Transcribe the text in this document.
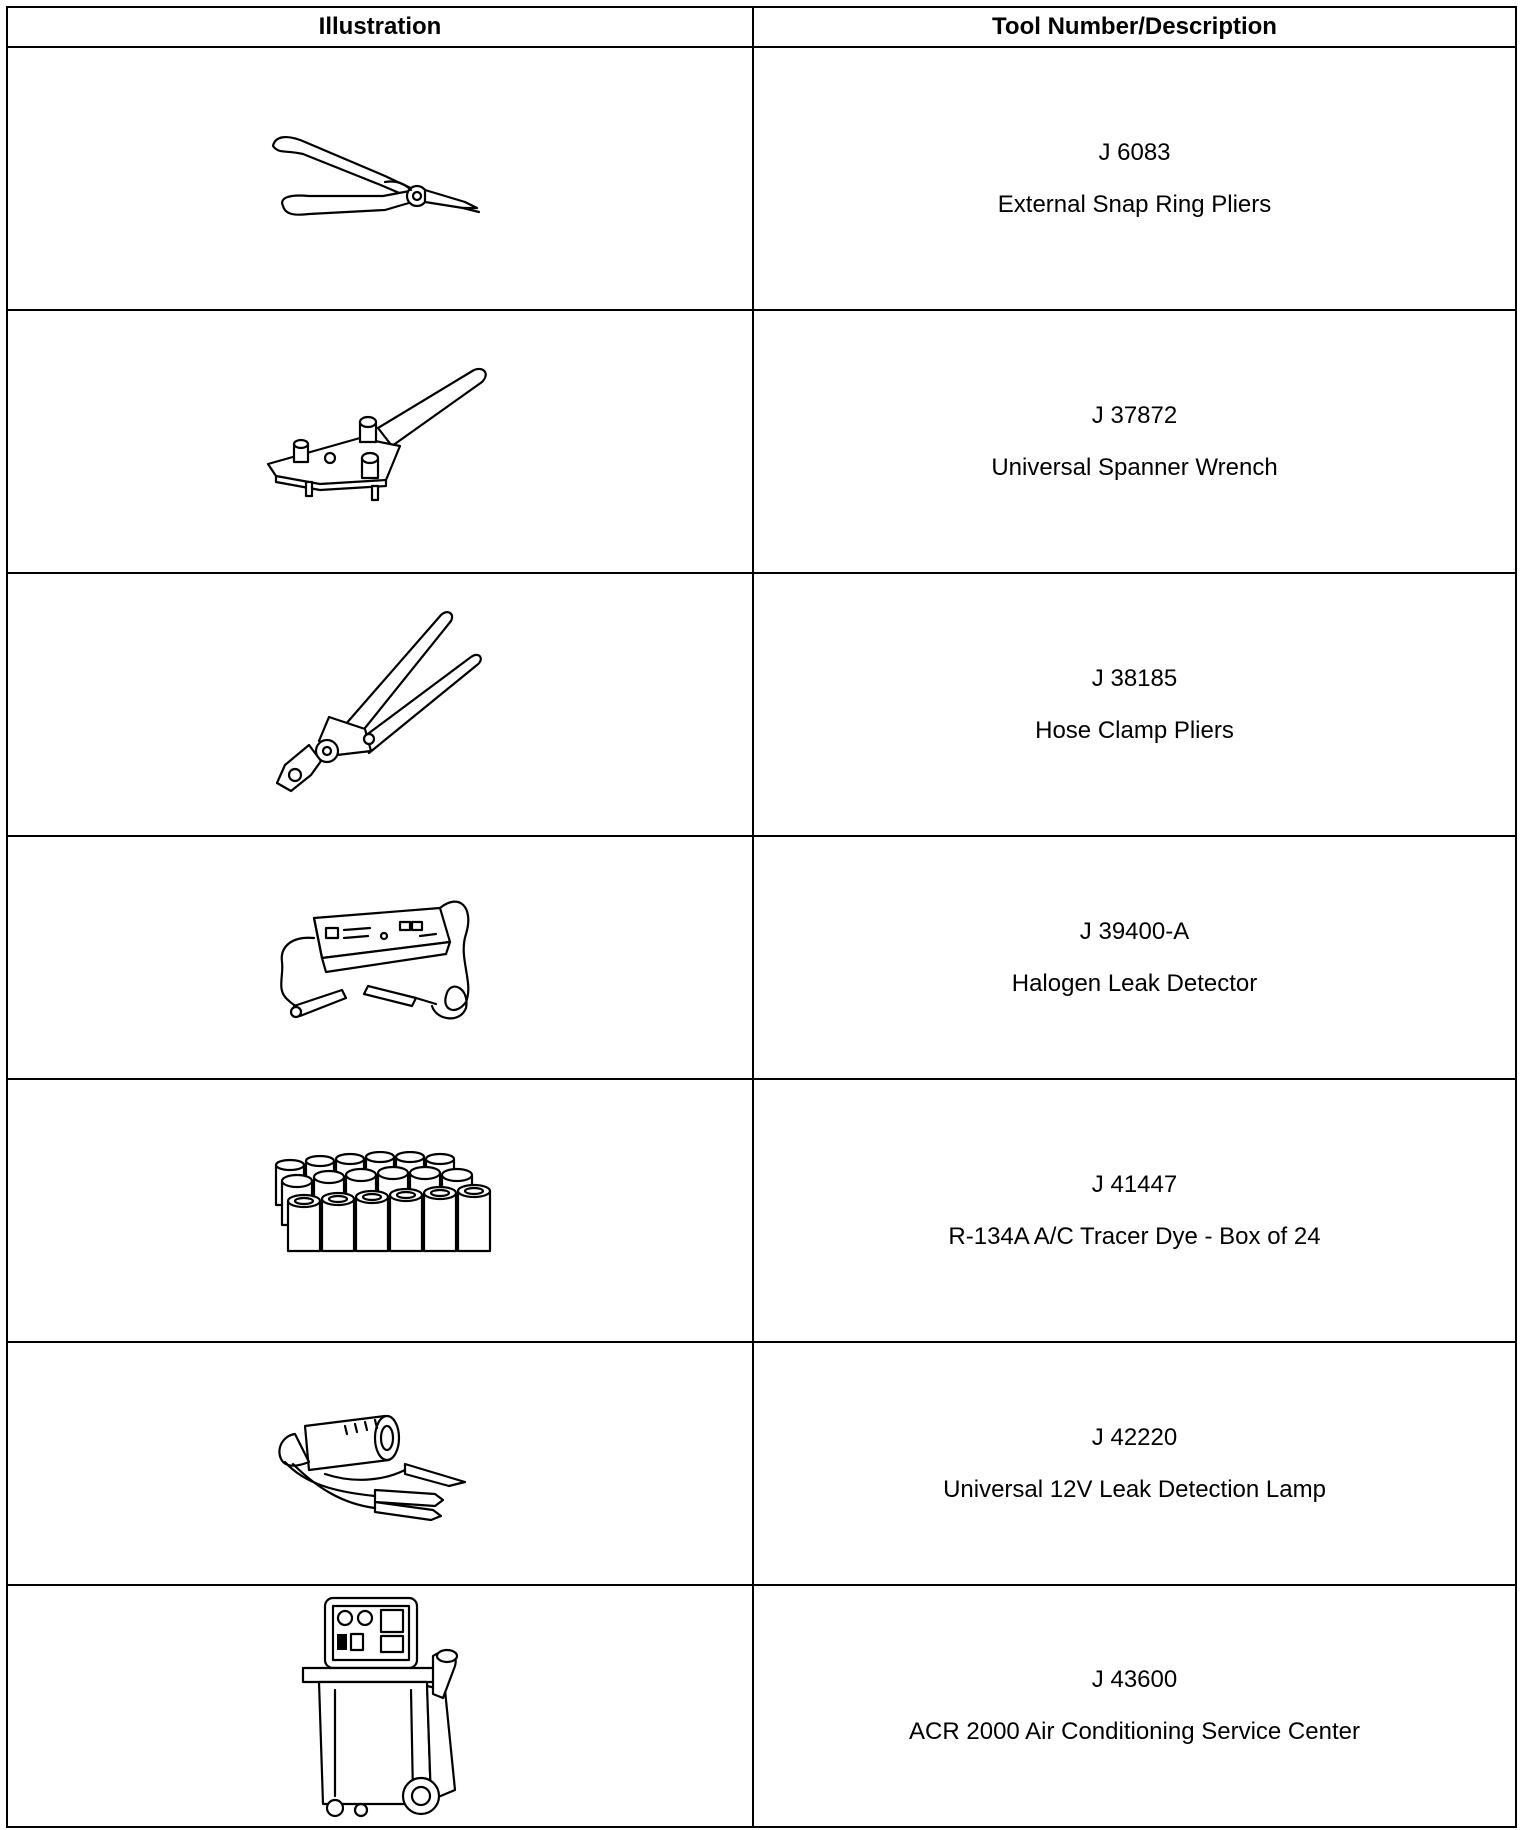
Illustration	Tool Number/Description

J 6083
External Snap Ring Pliers

J 37872
Universal Spanner Wrench

J 38185
Hose Clamp Pliers

J 39400-A
Halogen Leak Detector

J 41447
R-134A A/C Tracer Dye - Box of 24

J 42220
Universal 12V Leak Detection Lamp

J 43600
ACR 2000 Air Conditioning Service Center
